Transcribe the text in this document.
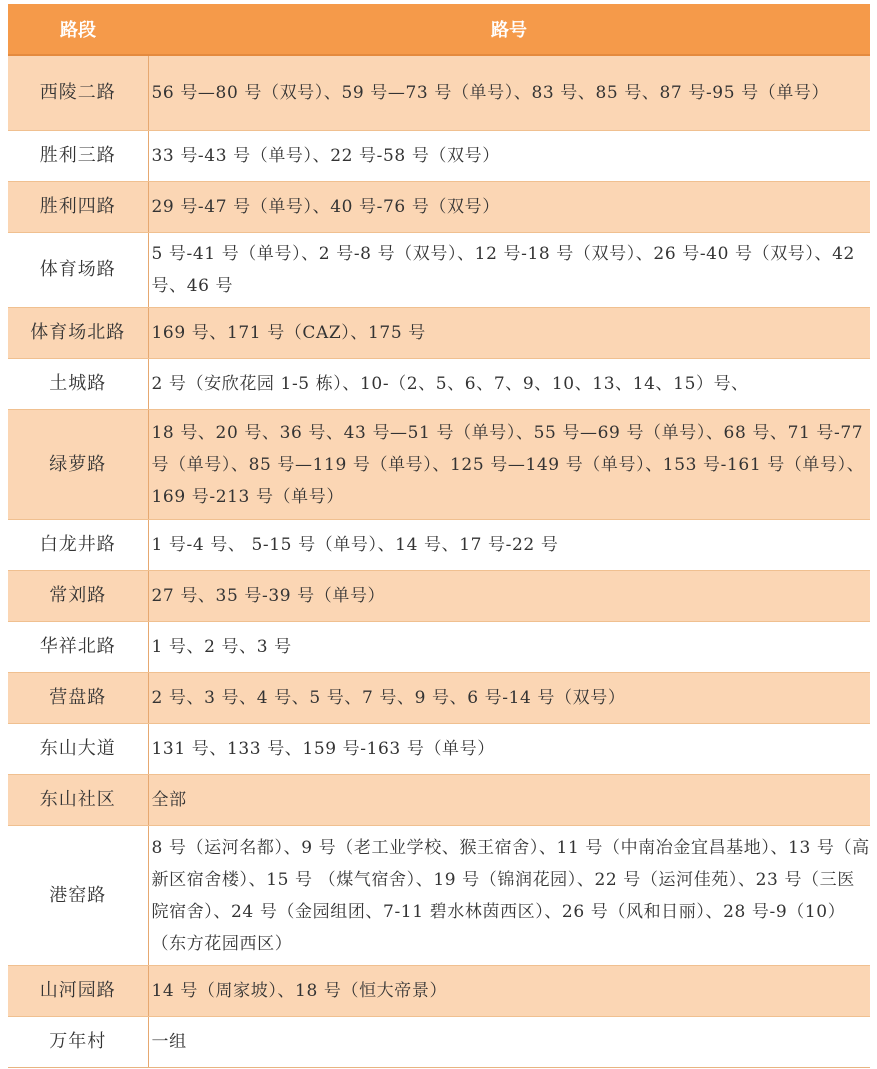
路段	路号
西陵二路	56 号—80 号（双号）、59 号—73 号（单号）、83 号、85 号、87 号-95 号（单号）
胜利三路	33 号-43 号（单号）、22 号-58 号（双号）
胜利四路	29 号-47 号（单号）、40 号-76 号（双号）
体育场路	5 号-41 号（单号）、2 号-8 号（双号）、12 号-18 号（双号）、26 号-40 号（双号）、42 号、46 号
体育场北路	169 号、171 号（CAZ）、175 号
土城路	2 号（安欣花园 1-5 栋）、10-（2、5、6、7、9、10、13、14、15）号、
绿萝路	18 号、20 号、36 号、43 号—51 号（单号）、55 号—69 号（单号）、68 号、71 号-77 号（单号）、85 号—119 号（单号）、125 号—149 号（单号）、153 号-161 号（单号）、169 号-213 号（单号）
白龙井路	1 号-4 号、 5-15 号（单号）、14 号、17 号-22 号
常刘路	27 号、35 号-39 号（单号）
华祥北路	1 号、2 号、3 号
营盘路	2 号、3 号、4 号、5 号、7 号、9 号、6 号-14 号（双号）
东山大道	131 号、133 号、159 号-163 号（单号）
东山社区	全部
港窑路	8 号（运河名都）、9 号（老工业学校、猴王宿舍）、11 号（中南冶金宜昌基地）、13 号（高新区宿舍楼）、15 号 （煤气宿舍）、19 号（锦润花园）、22 号（运河佳苑）、23 号（三医院宿舍）、24 号（金园组团、7-11 碧水林茵西区）、26 号（风和日丽）、28 号-9（10）（东方花园西区）
山河园路	14 号（周家坡）、18 号（恒大帝景）
万年村	一组
